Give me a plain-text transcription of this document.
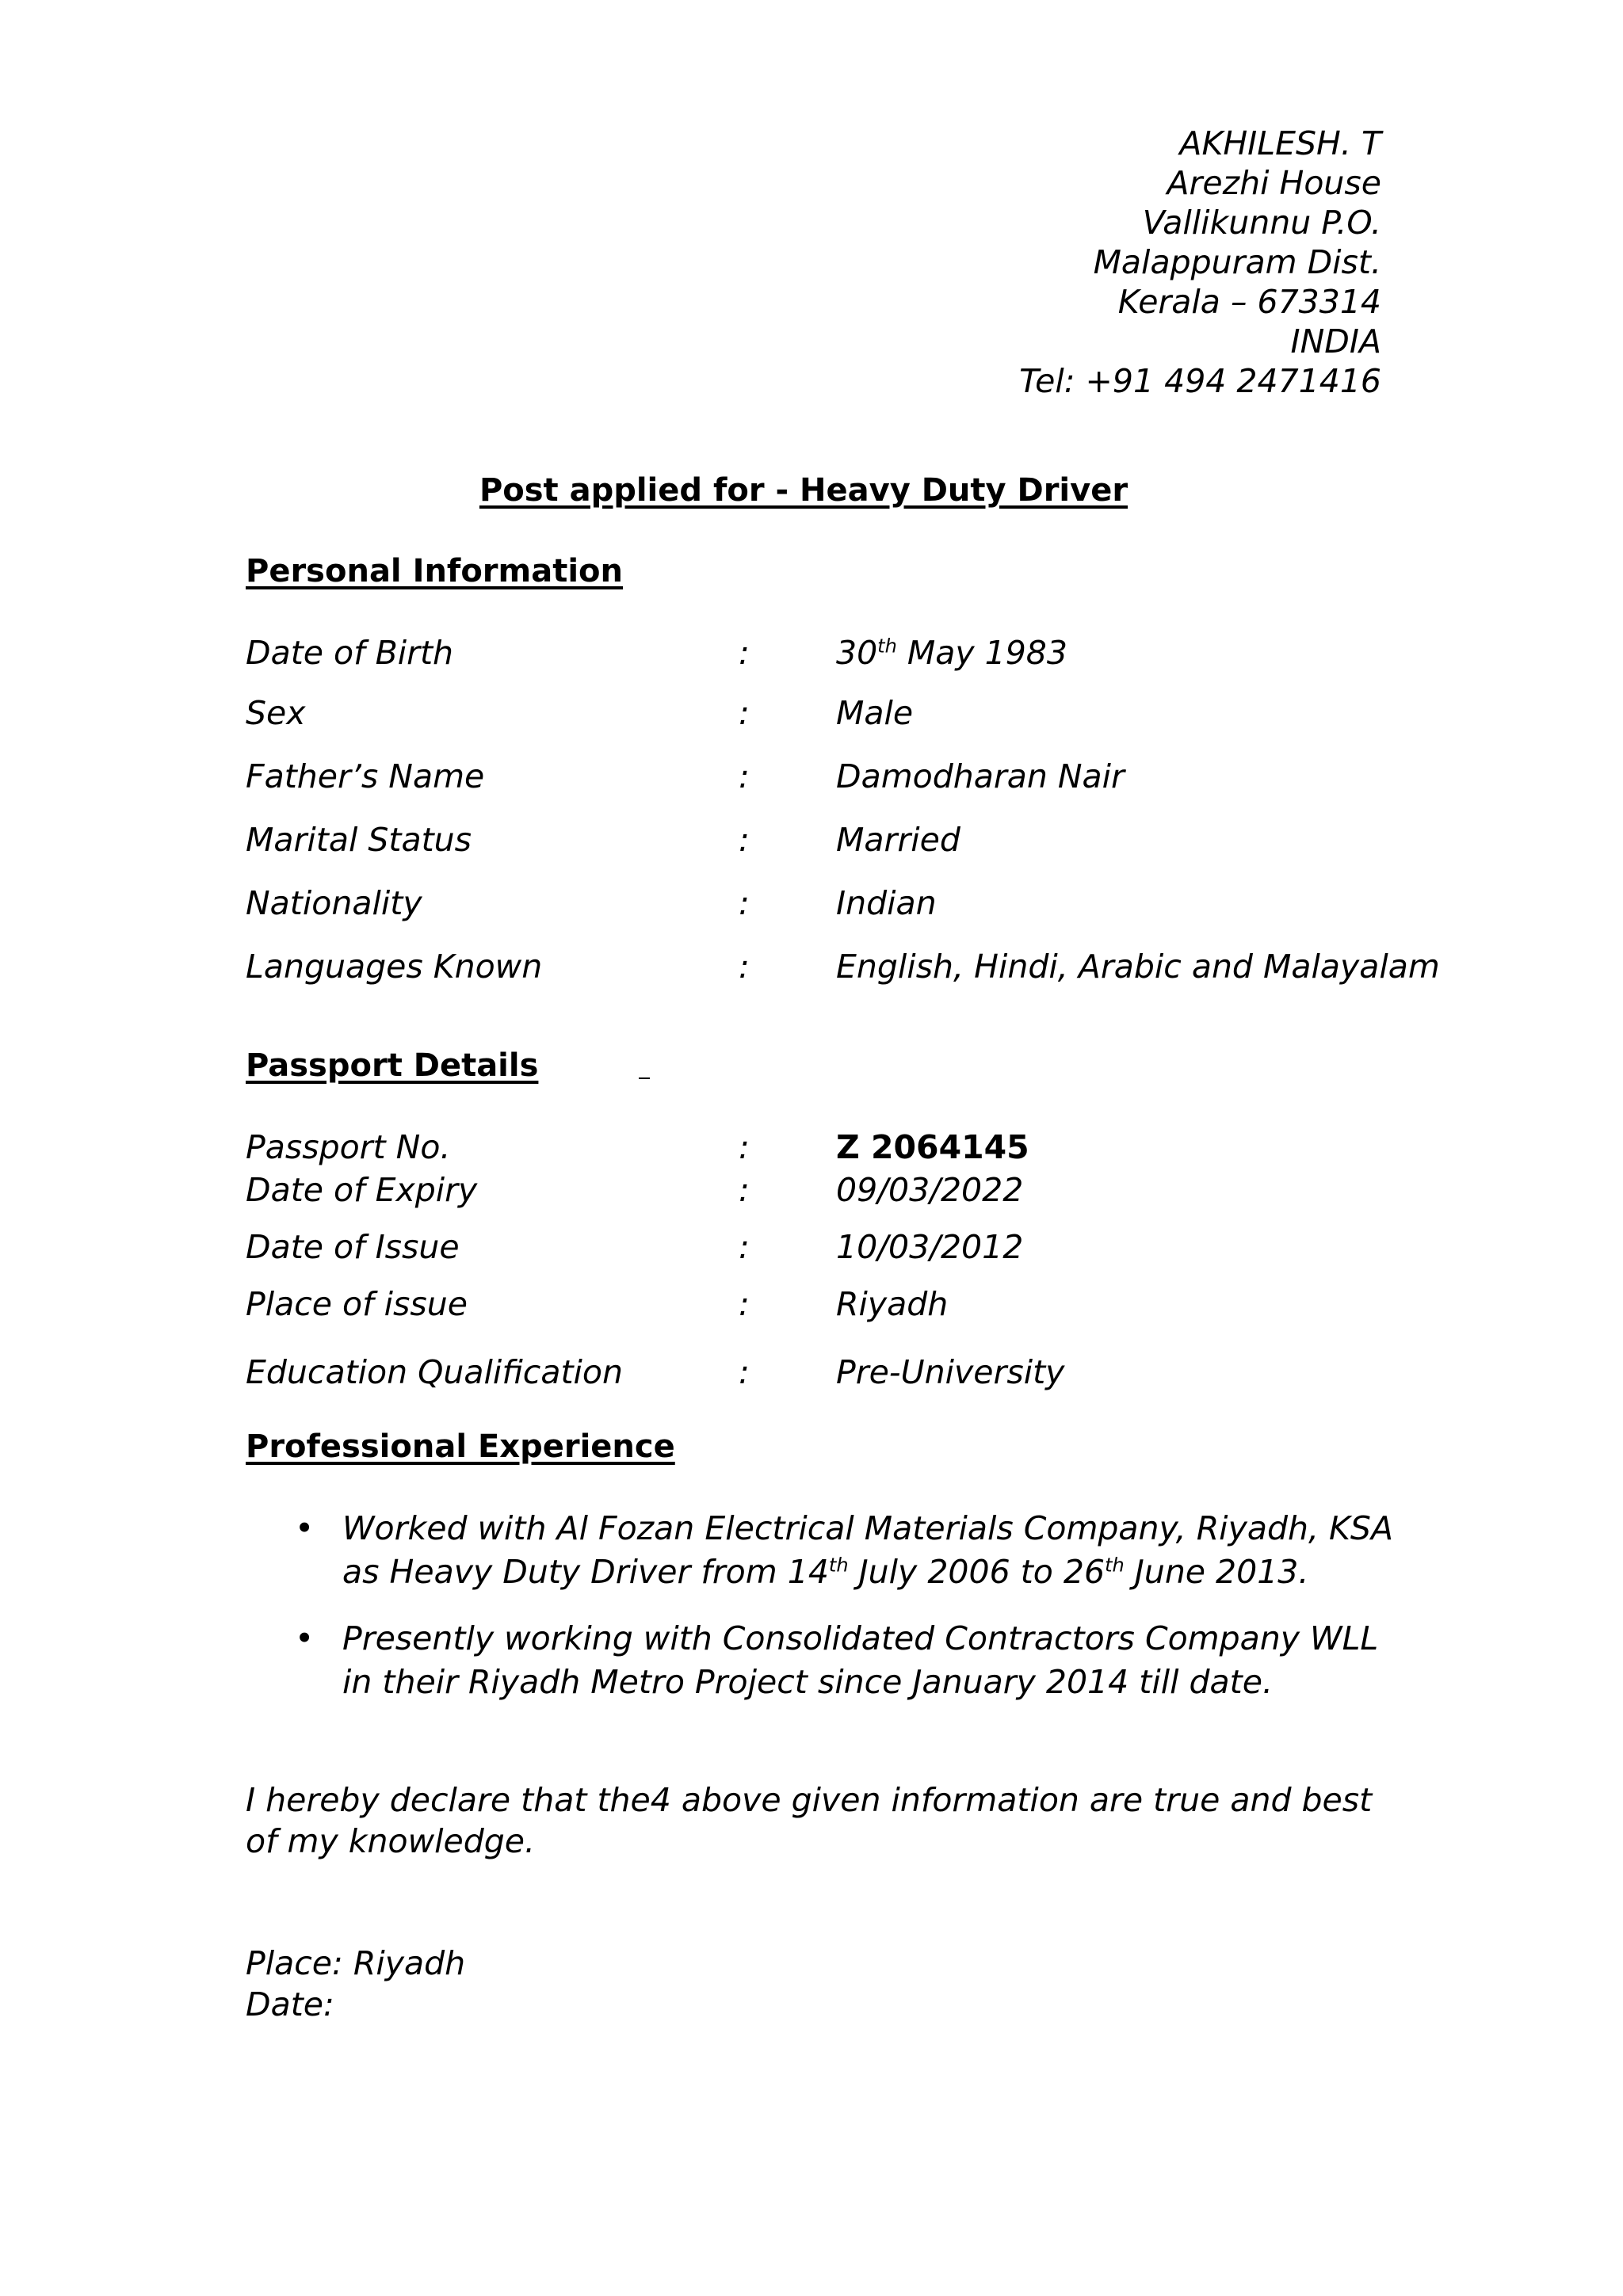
AKHILESH. T
Arezhi House
Vallikunnu P.O.
Malappuram Dist.
Kerala – 673314
INDIA
Tel: +91 494 2471416
Post applied for - Heavy Duty Driver
Personal Information
Date of Birth	:	30th May 1983
Sex	:	Male
Father’s Name	:	Damodharan Nair
Marital Status	:	Married
Nationality	:	Indian
Languages Known	:	English, Hindi, Arabic and Malayalam
Passport Details
Passport No.	:	Z 2064145
Date of Expiry	:	09/03/2022
Date of Issue	:	10/03/2012
Place of issue	:	Riyadh
Education Qualification	:	Pre-University
Professional Experience
• Worked with Al Fozan Electrical Materials Company, Riyadh, KSA
as Heavy Duty Driver from 14th July 2006 to 26th June 2013.
• Presently working with Consolidated Contractors Company WLL
in their Riyadh Metro Project since January 2014 till date.
I hereby declare that the4 above given information are true and best
of my knowledge.
Place: Riyadh
Date:
